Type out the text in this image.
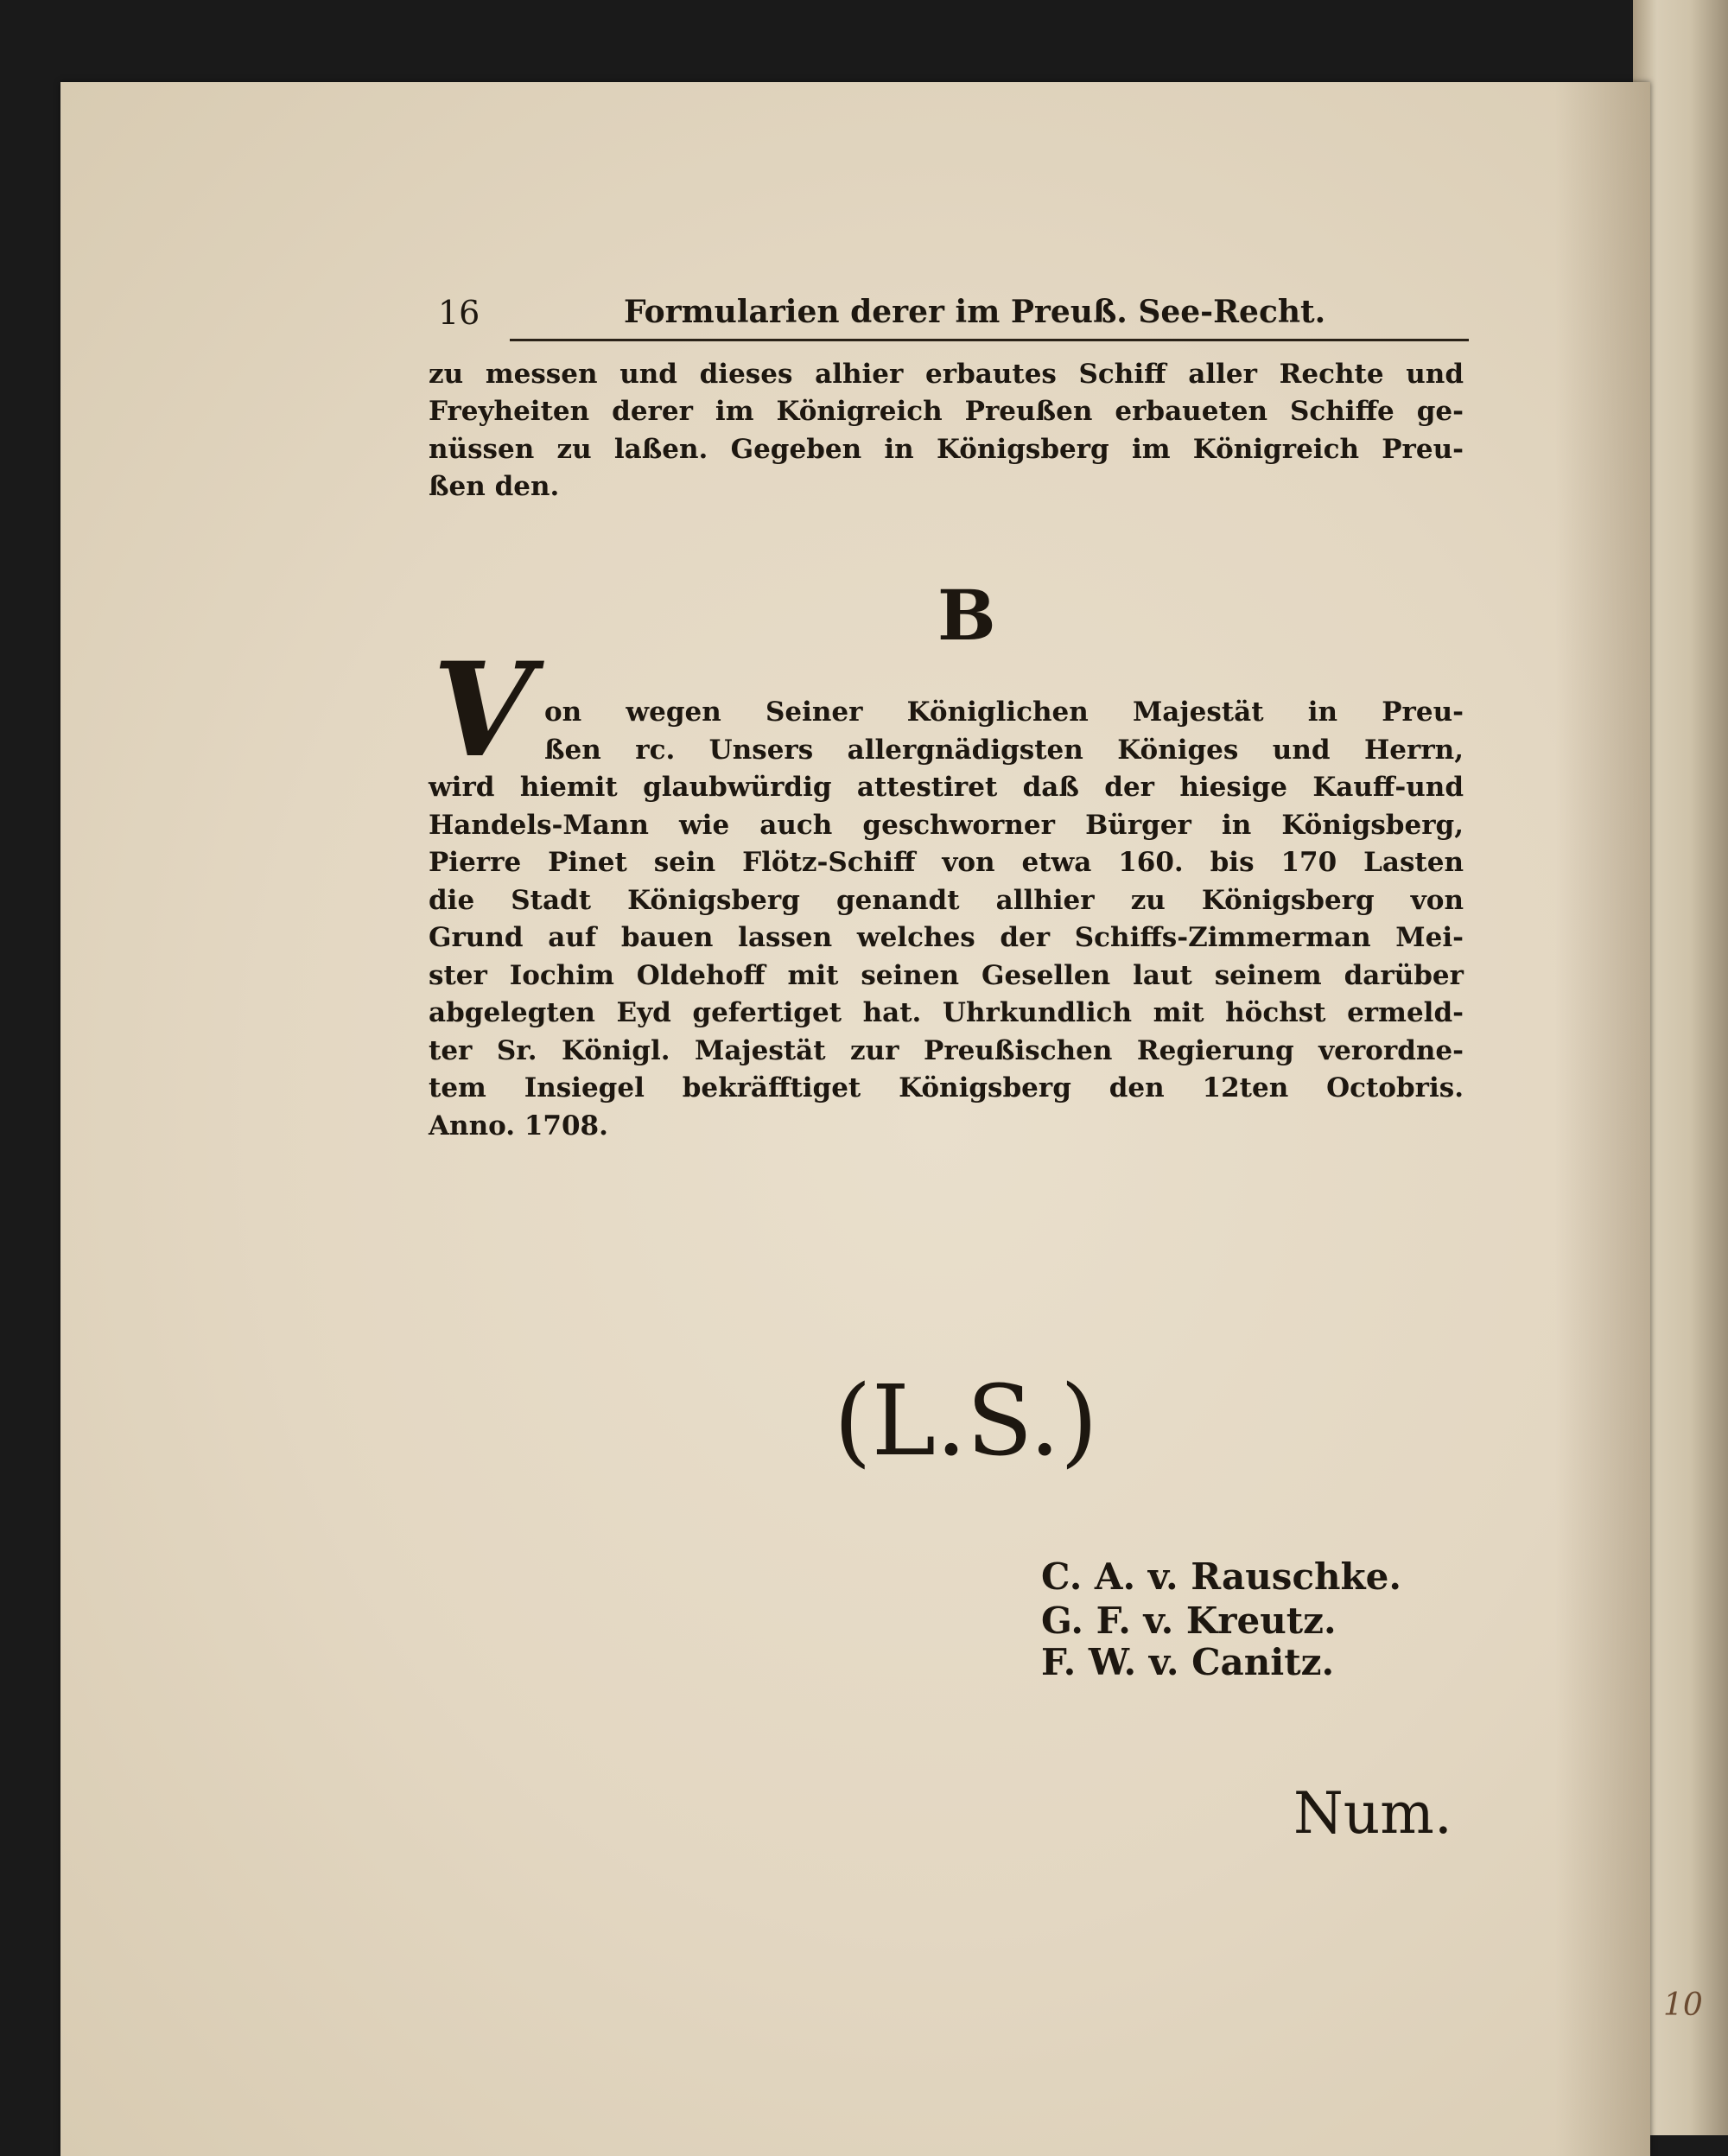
16	Formularien derer im Preuß. See-Recht.
zu messen und dieses alhier erbautes Schiff aller Rechte und
Freyheiten derer im Königreich Preußen erbaueten Schiffe ge-
nüssen zu laßen. Gegeben in Königsberg im Königreich Preu-
ßen den.
B
V on wegen Seiner Königlichen Majestät in Preu-
ßen rc. Unsers allergnädigsten Königes und Herrn,
wird hiemit glaubwürdig attestiret daß der hiesige Kauff-und
Handels-Mann wie auch geschworner Bürger in Königsberg,
Pierre Pinet sein Flötz-Schiff von etwa 160. bis 170 Lasten
die Stadt Königsberg genandt allhier zu Königsberg von
Grund auf bauen lassen welches der Schiffs-Zimmerman Mei-
ster Iochim Oldehoff mit seinen Gesellen laut seinem darüber
abgelegten Eyd gefertiget hat. Uhrkundlich mit höchst ermeld-
ter Sr. Königl. Majestät zur Preußischen Regierung verordne-
tem Insiegel bekräfftiget Königsberg den 12ten Octobris.
Anno. 1708.
(L.S.)
C. A. v. Rauschke.
G. F. v. Kreutz.
F. W. v. Canitz.
Num.
10
